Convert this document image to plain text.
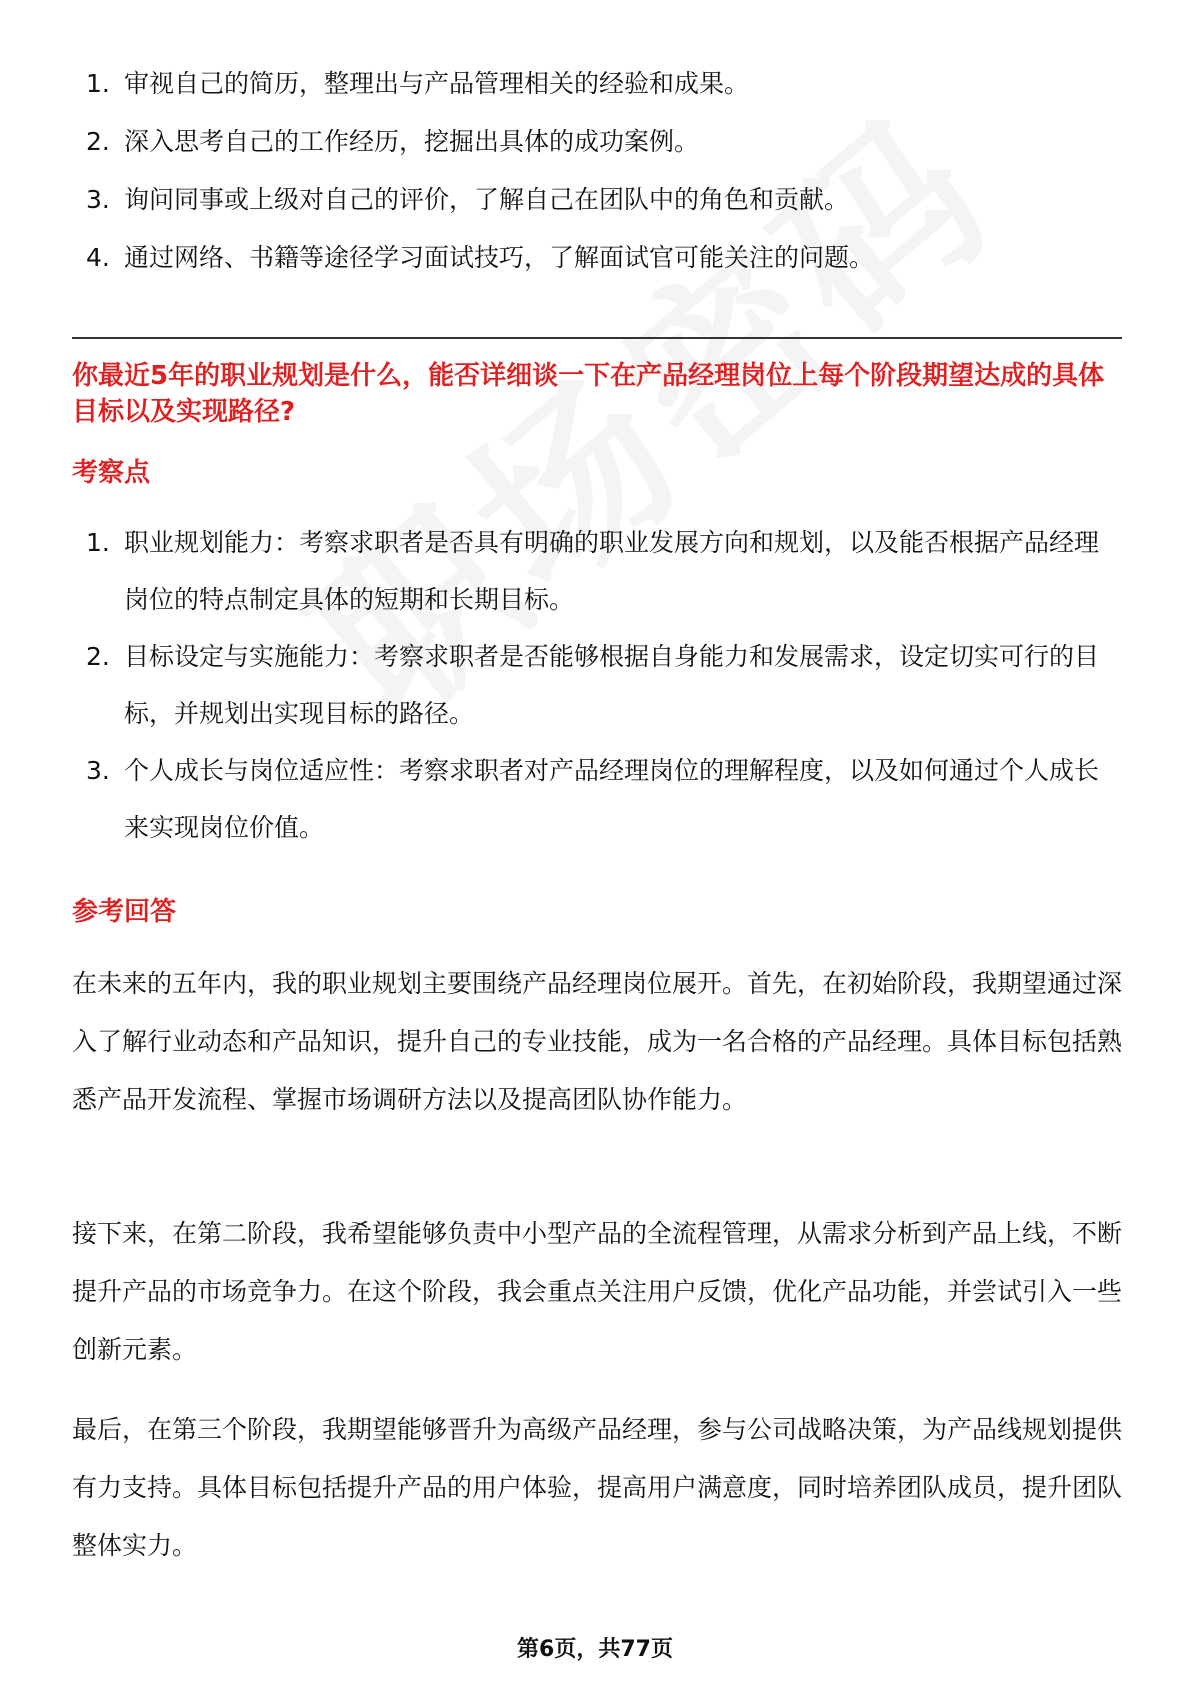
1. 审视自己的简历，整理出与产品管理相关的经验和成果。
2. 深入思考自己的工作经历，挖掘出具体的成功案例。
3. 询问同事或上级对自己的评价，了解自己在团队中的角色和贡献。
4. 通过网络、书籍等途径学习面试技巧，了解面试官可能关注的问题。
你最近5年的职业规划是什么，能否详细谈一下在产品经理岗位上每个阶段期望达成的具体目标以及实现路径?
考察点
1. 职业规划能力：考察求职者是否具有明确的职业发展方向和规划，以及能否根据产品经理岗位的特点制定具体的短期和长期目标。
2. 目标设定与实施能力：考察求职者是否能够根据自身能力和发展需求，设定切实可行的目标，并规划出实现目标的路径。
3. 个人成长与岗位适应性：考察求职者对产品经理岗位的理解程度，以及如何通过个人成长来实现岗位价值。
参考回答

在未来的五年内，我的职业规划主要围绕产品经理岗位展开。首先，在初始阶段，我期望通过深入了解行业动态和产品知识，提升自己的专业技能，成为一名合格的产品经理。具体目标包括熟悉产品开发流程、掌握市场调研方法以及提高团队协作能力。

接下来，在第二阶段，我希望能够负责中小型产品的全流程管理，从需求分析到产品上线，不断提升产品的市场竞争力。在这个阶段，我会重点关注用户反馈，优化产品功能，并尝试引入一些创新元素。

最后，在第三个阶段，我期望能够晋升为高级产品经理，参与公司战略决策，为产品线规划提供有力支持。具体目标包括提升产品的用户体验，提高用户满意度，同时培养团队成员，提升团队整体实力。

第6页，共77页
